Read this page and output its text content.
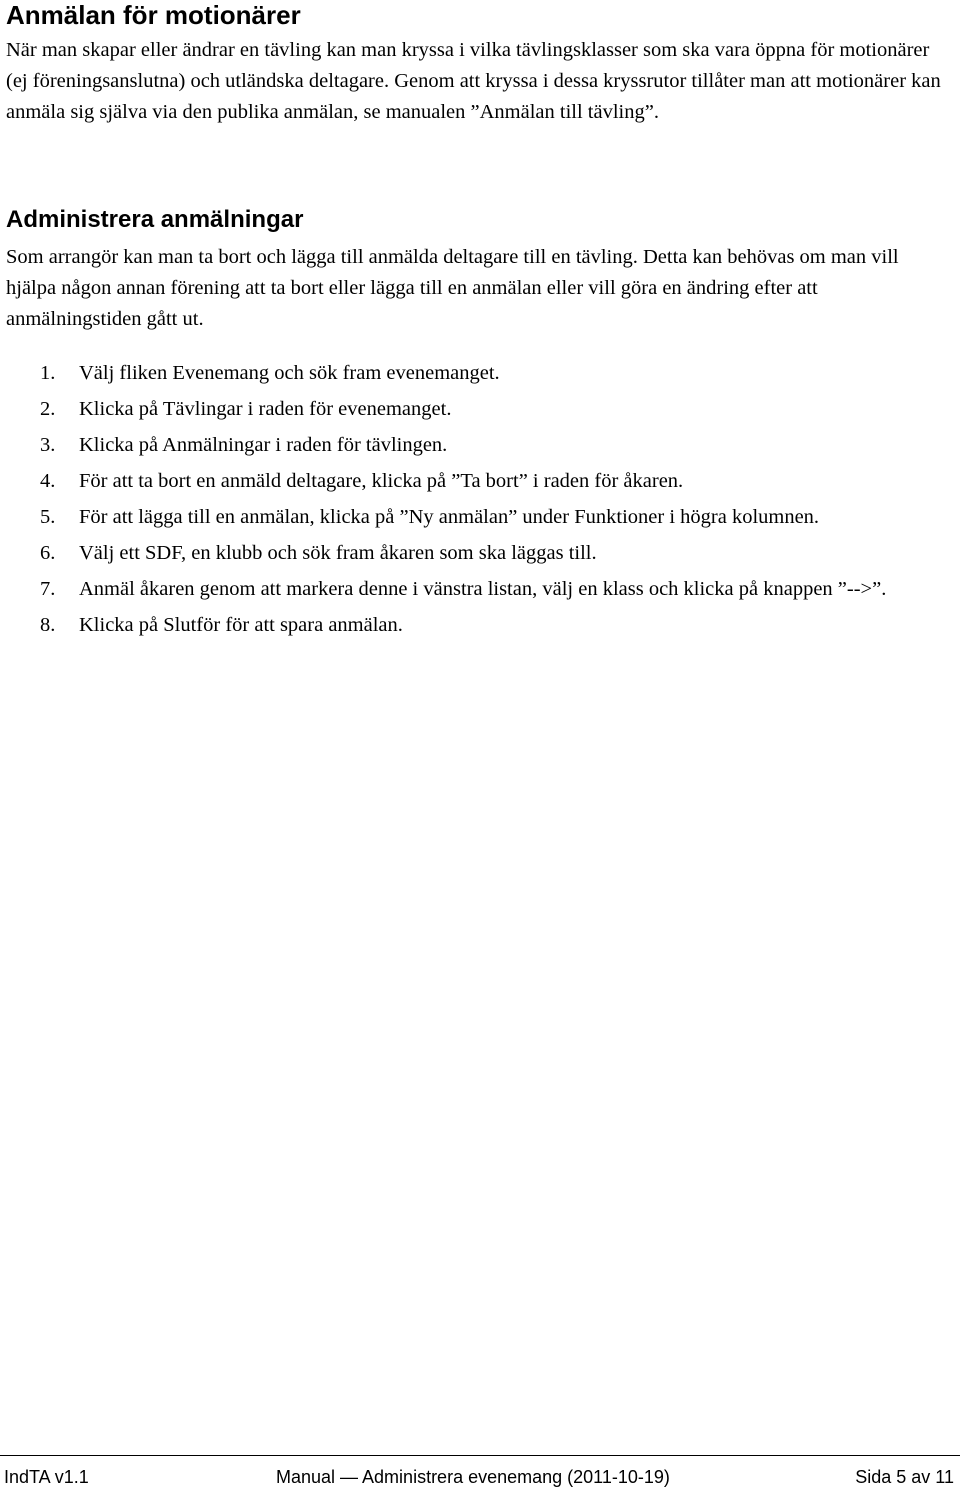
Anmälan för motionärer

När man skapar eller ändrar en tävling kan man kryssa i vilka tävlingsklasser som ska vara öppna för motionärer (ej föreningsanslutna) och utländska deltagare. Genom att kryssa i dessa kryssrutor tillåter man att motionärer kan anmäla sig själva via den publika anmälan, se manualen ”Anmälan till tävling”.

Administrera anmälningar

Som arrangör kan man ta bort och lägga till anmälda deltagare till en tävling. Detta kan behövas om man vill hjälpa någon annan förening att ta bort eller lägga till en anmälan eller vill göra en ändring efter att anmälningstiden gått ut.

1. Välj fliken Evenemang och sök fram evenemanget.
2. Klicka på Tävlingar i raden för evenemanget.
3. Klicka på Anmälningar i raden för tävlingen.
4. För att ta bort en anmäld deltagare, klicka på ”Ta bort” i raden för åkaren.
5. För att lägga till en anmälan, klicka på ”Ny anmälan” under Funktioner i högra kolumnen.
6. Välj ett SDF, en klubb och sök fram åkaren som ska läggas till.
7. Anmäl åkaren genom att markera denne i vänstra listan, välj en klass och klicka på knappen ”-->”.
8. Klicka på Slutför för att spara anmälan.
IndTA v1.1	Manual — Administrera evenemang (2011-10-19)	Sida 5 av 11
